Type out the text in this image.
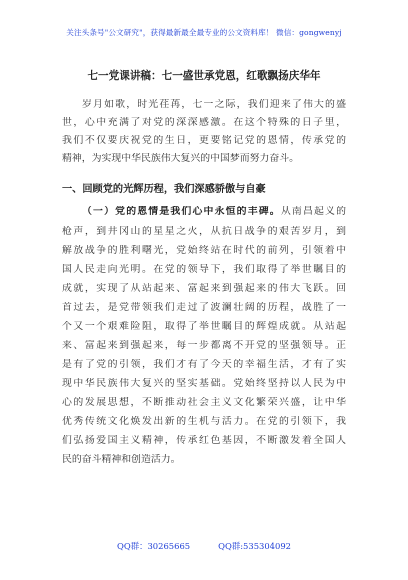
关注头条号"公文研究"，获得最新最全最专业的公文资料库！ 微信：gongwenyj
七一党课讲稿：七一盛世承党恩，红歌飘扬庆华年
岁月如歌，时光荏苒，七一之际，我们迎来了伟大的盛
世，心中充满了对党的深深感激。在这个特殊的日子里，
我们不仅要庆祝党的生日，更要铭记党的恩情，传承党的
精神，为实现中华民族伟大复兴的中国梦而努力奋斗。
一、回顾党的光辉历程，我们深感骄傲与自豪
（一）党的恩情是我们心中永恒的丰碑。从南昌起义的
枪声，到井冈山的星星之火，从抗日战争的艰苦岁月，到
解放战争的胜利曙光，党始终站在时代的前列，引领着中
国人民走向光明。在党的领导下，我们取得了举世瞩目的
成就，实现了从站起来、富起来到强起来的伟大飞跃。回
首过去，是党带领我们走过了波澜壮阔的历程，战胜了一
个又一个艰难险阻，取得了举世瞩目的辉煌成就。从站起
来、富起来到强起来，每一步都离不开党的坚强领导。正
是有了党的引领，我们才有了今天的幸福生活，才有了实
现中华民族伟大复兴的坚实基础。党始终坚持以人民为中
心的发展思想，不断推动社会主义文化繁荣兴盛，让中华
优秀传统文化焕发出新的生机与活力。在党的引领下，我
们弘扬爱国主义精神，传承红色基因，不断激发着全国人
民的奋斗精神和创造活力。
QQ群：30265665	QQ群:535304092
